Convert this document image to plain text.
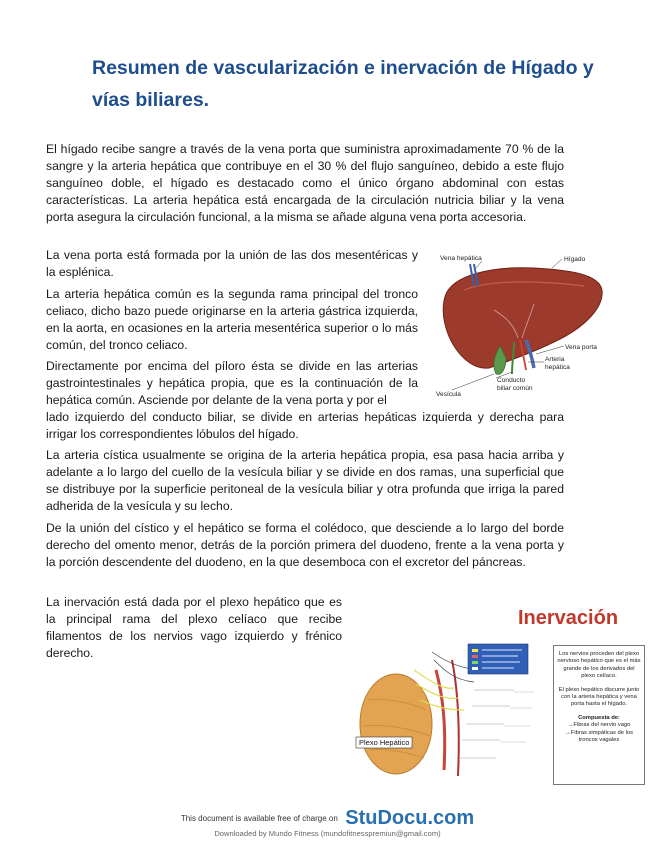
Resumen de vascularización e inervación de Hígado y vías biliares.

El hígado recibe sangre a través de la vena porta que suministra aproximadamente 70 % de la sangre y la arteria hepática que contribuye en el 30 % del flujo sanguíneo, debido a este flujo sanguíneo doble, el hígado es destacado como el único órgano abdominal con estas características. La arteria hepática está encargada de la circulación nutricia biliar y la vena porta asegura la circulación funcional, a la misma se añade alguna vena porta accesoria.

La vena porta está formada por la unión de las dos mesentéricas y la esplénica.

La arteria hepática común es la segunda rama principal del tronco celiaco, dicho bazo puede originarse en la arteria gástrica izquierda, en la aorta, en ocasiones en la arteria mesentérica superior o lo más común, del tronco celiaco.

Directamente por encima del píloro ésta se divide en las arterias gastrointestinales y hepática propia, que es la continuación de la hepática común. Asciende por delante de la vena porta y por el

lado izquierdo del conducto biliar, se divide en arterias hepáticas izquierda y derecha para irrigar los correspondientes lóbulos del hígado.

La arteria cística usualmente se origina de la arteria hepática propia, esa pasa hacia arriba y adelante a lo largo del cuello de la vesícula biliar y se divide en dos ramas, una superficial que se distribuye por la superficie peritoneal de la vesícula biliar y otra profunda que irriga la pared adherida de la vesícula y su lecho.

De la unión del cístico y el hepático se forma el colédoco, que desciende a lo largo del borde derecho del omento menor, detrás de la porción primera del duodeno, frente a la vena porta y la porción descendente del duodeno, en la que desemboca con el excretor del páncreas.

La inervación está dada por el plexo hepático que es la principal rama del plexo celíaco que recibe filamentos de los nervios vago izquierdo y frénico derecho.

Vena hepática	Hígado
Vena porta
Arteria
hepática
Conducto
biliar común
Vesícula
Inervación
Plexo Hepático

Los nervios proceden del plexo nervioso hepático que es el más grande de los derivados del plexo celíaco.

El plexo hepático discurre junto con la arteria hepática y vena porta hasta el hígado.

Compuesta de:

→Fibras del nervio vago

→Fibras simpáticas de los troncos vagales

This document is available free of charge on StuDocu.com
Downloaded by Mundo Fitness (mundofitnesspremiun@gmail.com)
